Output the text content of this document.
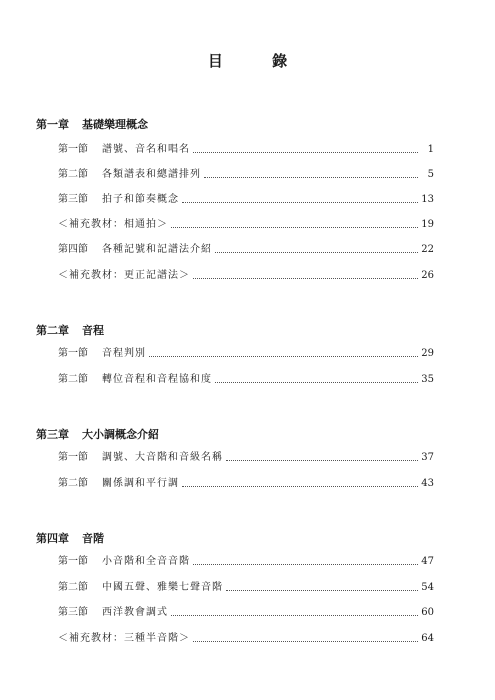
目 錄
第一章 基礎樂理概念
第一節	譜號、音名和唱名	1
第二節	各類譜表和總譜排列	5
第三節	拍子和節奏概念	13
＜補充教材：相通拍＞	19
第四節	各種記號和記譜法介紹	22
＜補充教材：更正記譜法＞	26
第二章 音程
第一節	音程判別	29
第二節	轉位音程和音程協和度	35
第三章 大小調概念介紹
第一節	調號、大音階和音級名稱	37
第二節	關係調和平行調	43
第四章 音階
第一節	小音階和全音音階	47
第二節	中國五聲、雅樂七聲音階	54
第三節	西洋教會調式	60
＜補充教材：三種半音階＞	64
